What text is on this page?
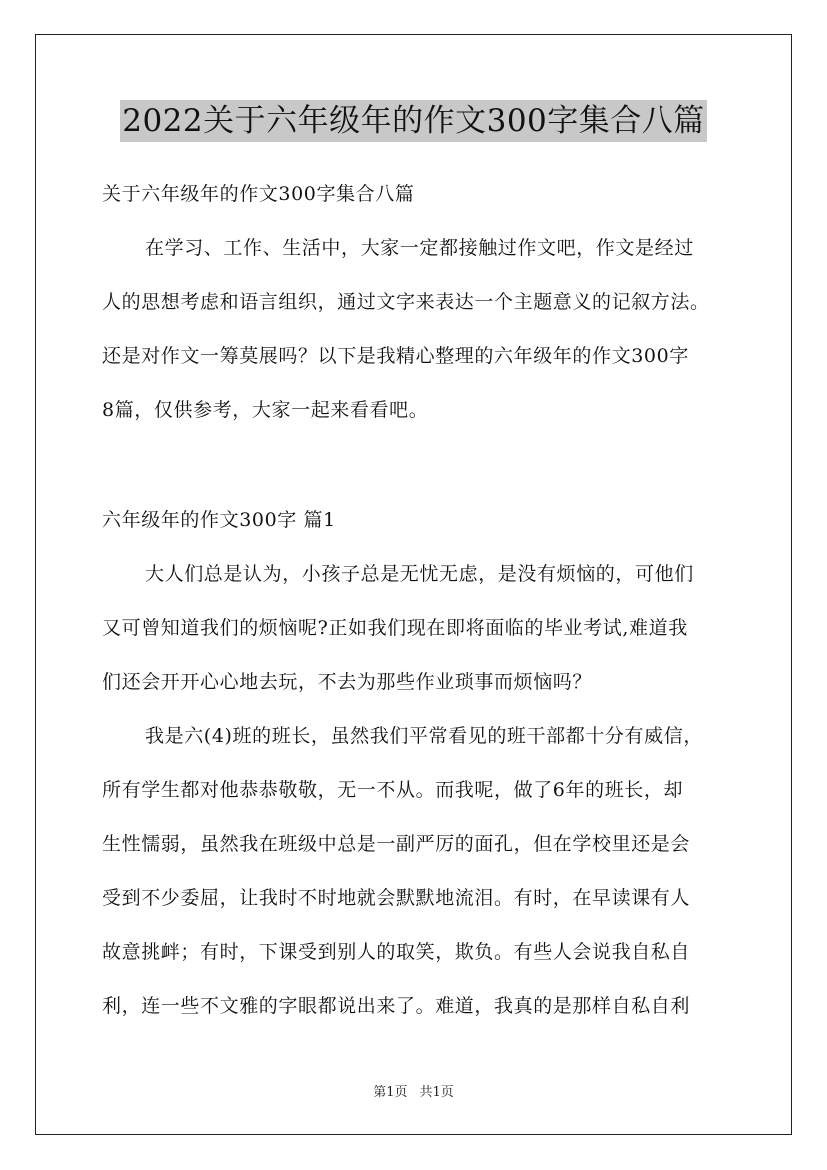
2022关于六年级年的作文300字集合八篇
关于六年级年的作文300字集合八篇
在学习、工作、生活中，大家一定都接触过作文吧，作文是经过
人的思想考虑和语言组织，通过文字来表达一个主题意义的记叙方法。
还是对作文一筹莫展吗？以下是我精心整理的六年级年的作文300字
8篇，仅供参考，大家一起来看看吧。
六年级年的作文300字 篇1
大人们总是认为，小孩子总是无忧无虑，是没有烦恼的，可他们
又可曾知道我们的烦恼呢?正如我们现在即将面临的毕业考试,难道我
们还会开开心心地去玩，不去为那些作业琐事而烦恼吗？
我是六(4)班的班长，虽然我们平常看见的班干部都十分有威信，
所有学生都对他恭恭敬敬，无一不从。而我呢，做了6年的班长，却
生性懦弱，虽然我在班级中总是一副严厉的面孔，但在学校里还是会
受到不少委屈，让我时不时地就会默默地流泪。有时，在早读课有人
故意挑衅；有时，下课受到别人的取笑，欺负。有些人会说我自私自
利，连一些不文雅的字眼都说出来了。难道，我真的是那样自私自利
第1页 共1页
